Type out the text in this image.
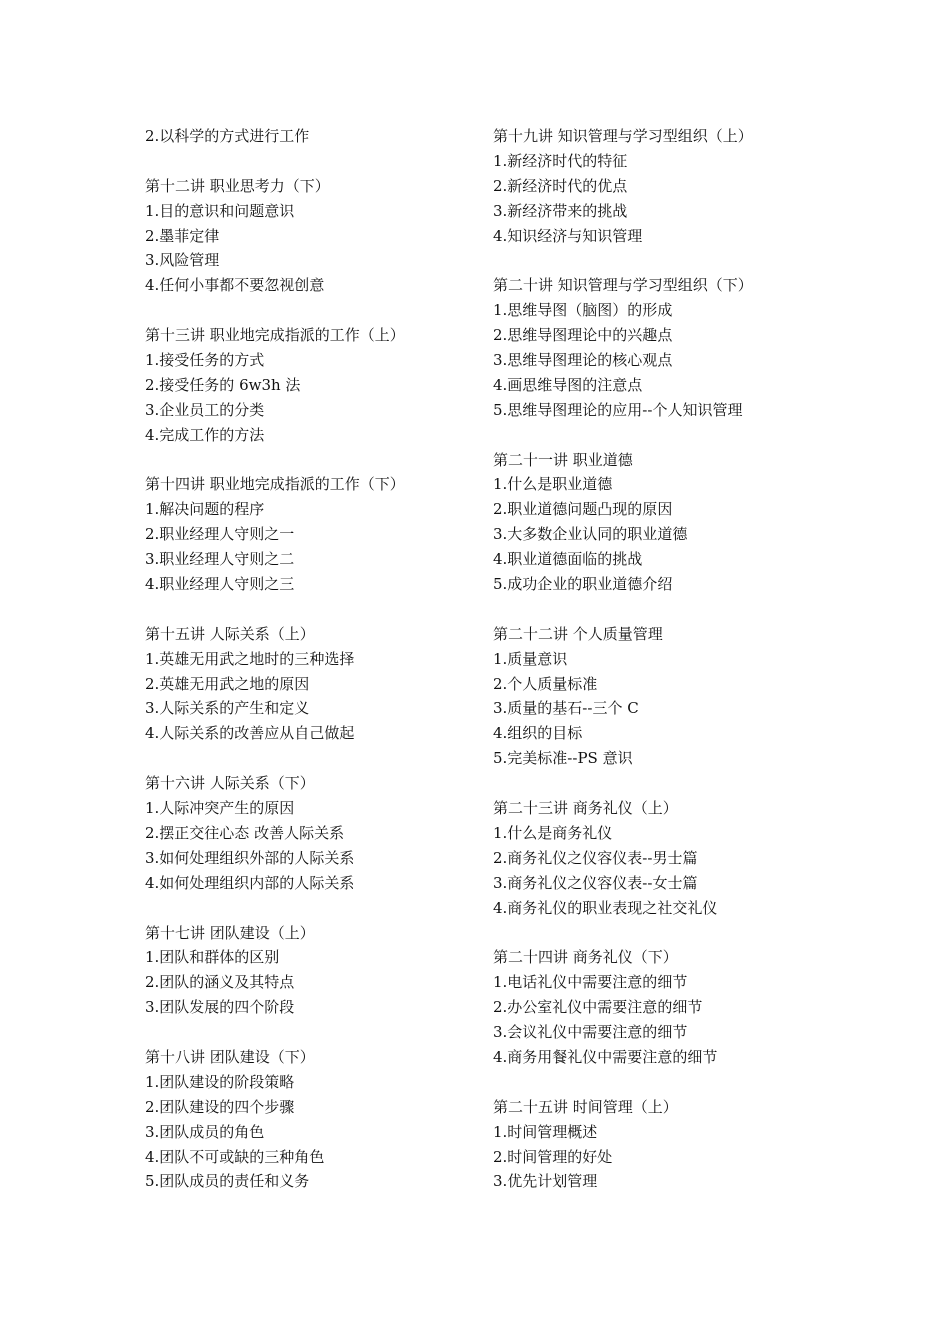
2.以科学的方式进行工作
第十二讲 职业思考力（下）
1.目的意识和问题意识
2.墨菲定律
3.风险管理
4.任何小事都不要忽视创意
第十三讲 职业地完成指派的工作（上）
1.接受任务的方式
2.接受任务的 6w3h 法
3.企业员工的分类
4.完成工作的方法
第十四讲 职业地完成指派的工作（下）
1.解决问题的程序
2.职业经理人守则之一
3.职业经理人守则之二
4.职业经理人守则之三
第十五讲 人际关系（上）
1.英雄无用武之地时的三种选择
2.英雄无用武之地的原因
3.人际关系的产生和定义
4.人际关系的改善应从自己做起
第十六讲 人际关系（下）
1.人际冲突产生的原因
2.摆正交往心态 改善人际关系
3.如何处理组织外部的人际关系
4.如何处理组织内部的人际关系
第十七讲 团队建设（上）
1.团队和群体的区别
2.团队的涵义及其特点
3.团队发展的四个阶段
第十八讲 团队建设（下）
1.团队建设的阶段策略
2.团队建设的四个步骤
3.团队成员的角色
4.团队不可或缺的三种角色
5.团队成员的责任和义务
第十九讲 知识管理与学习型组织（上）
1.新经济时代的特征
2.新经济时代的优点
3.新经济带来的挑战
4.知识经济与知识管理
第二十讲 知识管理与学习型组织（下）
1.思维导图（脑图）的形成
2.思维导图理论中的兴趣点
3.思维导图理论的核心观点
4.画思维导图的注意点
5.思维导图理论的应用--个人知识管理
第二十一讲 职业道德
1.什么是职业道德
2.职业道德问题凸现的原因
3.大多数企业认同的职业道德
4.职业道德面临的挑战
5.成功企业的职业道德介绍
第二十二讲 个人质量管理
1.质量意识
2.个人质量标准
3.质量的基石--三个 C
4.组织的目标
5.完美标准--PS 意识
第二十三讲 商务礼仪（上）
1.什么是商务礼仪
2.商务礼仪之仪容仪表--男士篇
3.商务礼仪之仪容仪表--女士篇
4.商务礼仪的职业表现之社交礼仪
第二十四讲 商务礼仪（下）
1.电话礼仪中需要注意的细节
2.办公室礼仪中需要注意的细节
3.会议礼仪中需要注意的细节
4.商务用餐礼仪中需要注意的细节
第二十五讲 时间管理（上）
1.时间管理概述
2.时间管理的好处
3.优先计划管理
